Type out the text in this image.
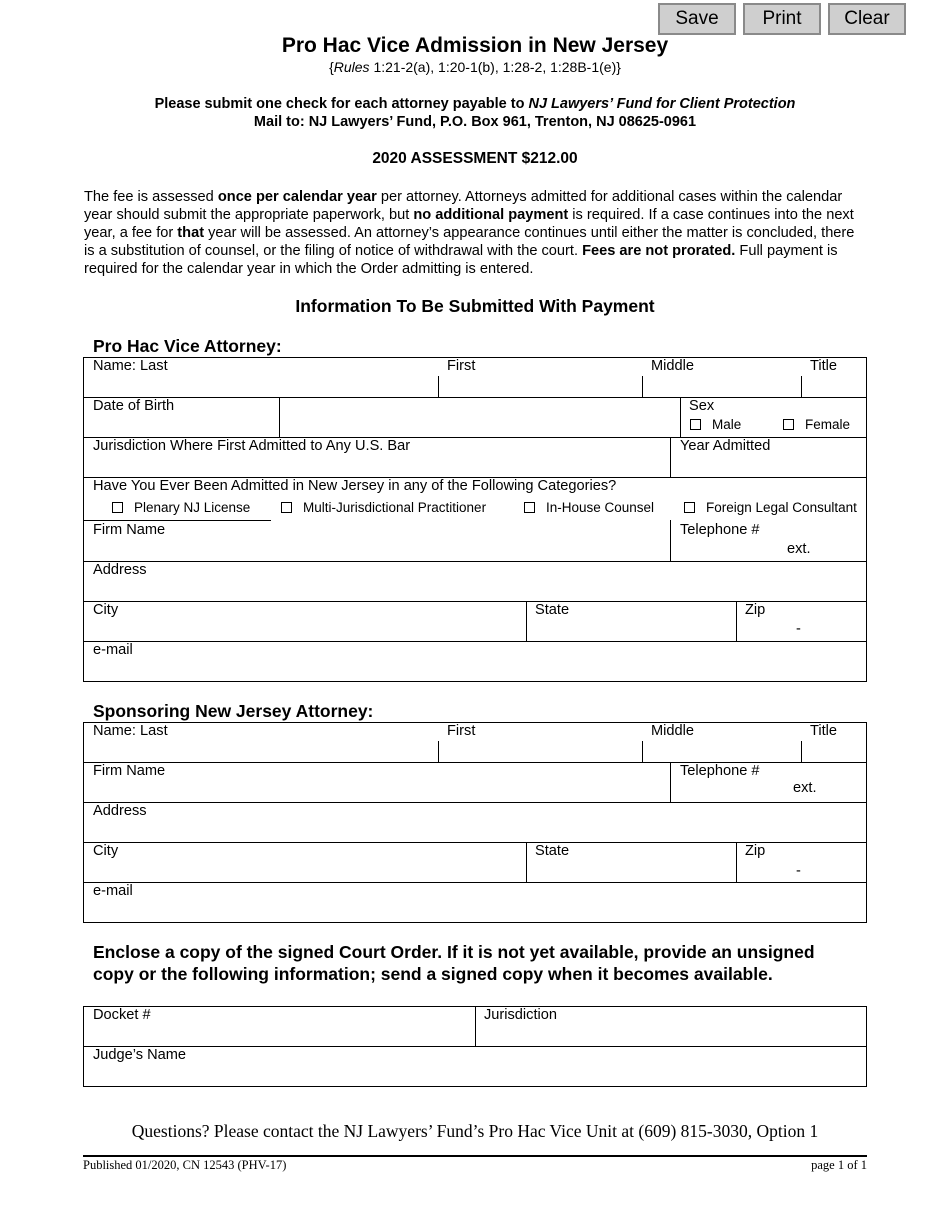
Save	Print	Clear
Pro Hac Vice Admission in New Jersey
{Rules 1:21-2(a), 1:20-1(b), 1:28-2, 1:28B-1(e)}
Please submit one check for each attorney payable to NJ Lawyers’ Fund for Client Protection
Mail to: NJ Lawyers’ Fund, P.O. Box 961, Trenton, NJ 08625-0961
2020 ASSESSMENT $212.00
The fee is assessed once per calendar year per attorney. Attorneys admitted for additional cases within the calendar year should submit the appropriate paperwork, but no additional payment is required. If a case continues into the next year, a fee for that year will be assessed. An attorney’s appearance continues until either the matter is concluded, there is a substitution of counsel, or the filing of notice of withdrawal with the court. Fees are not prorated. Full payment is required for the calendar year in which the Order admitting is entered.
Information To Be Submitted With Payment
Pro Hac Vice Attorney:
Name: Last	First	Middle	Title
Date of Birth	Sex
Male	Female
Jurisdiction Where First Admitted to Any U.S. Bar	Year Admitted
Have You Ever Been Admitted in New Jersey in any of the Following Categories?
Plenary NJ License	Multi-Jurisdictional Practitioner	In-House Counsel	Foreign Legal Consultant
Firm Name	Telephone #
ext.
Address
City	State	Zip
-
e-mail
Sponsoring New Jersey Attorney:
Name: Last	First	Middle	Title
Firm Name	Telephone #
ext.
Address
City	State	Zip
-
e-mail
Enclose a copy of the signed Court Order. If it is not yet available, provide an unsigned copy or the following information; send a signed copy when it becomes available.
Docket #	Jurisdiction
Judge’s Name
Questions? Please contact the NJ Lawyers’ Fund’s Pro Hac Vice Unit at (609) 815-3030, Option 1
Published 01/2020, CN 12543 (PHV-17)	page 1 of 1
